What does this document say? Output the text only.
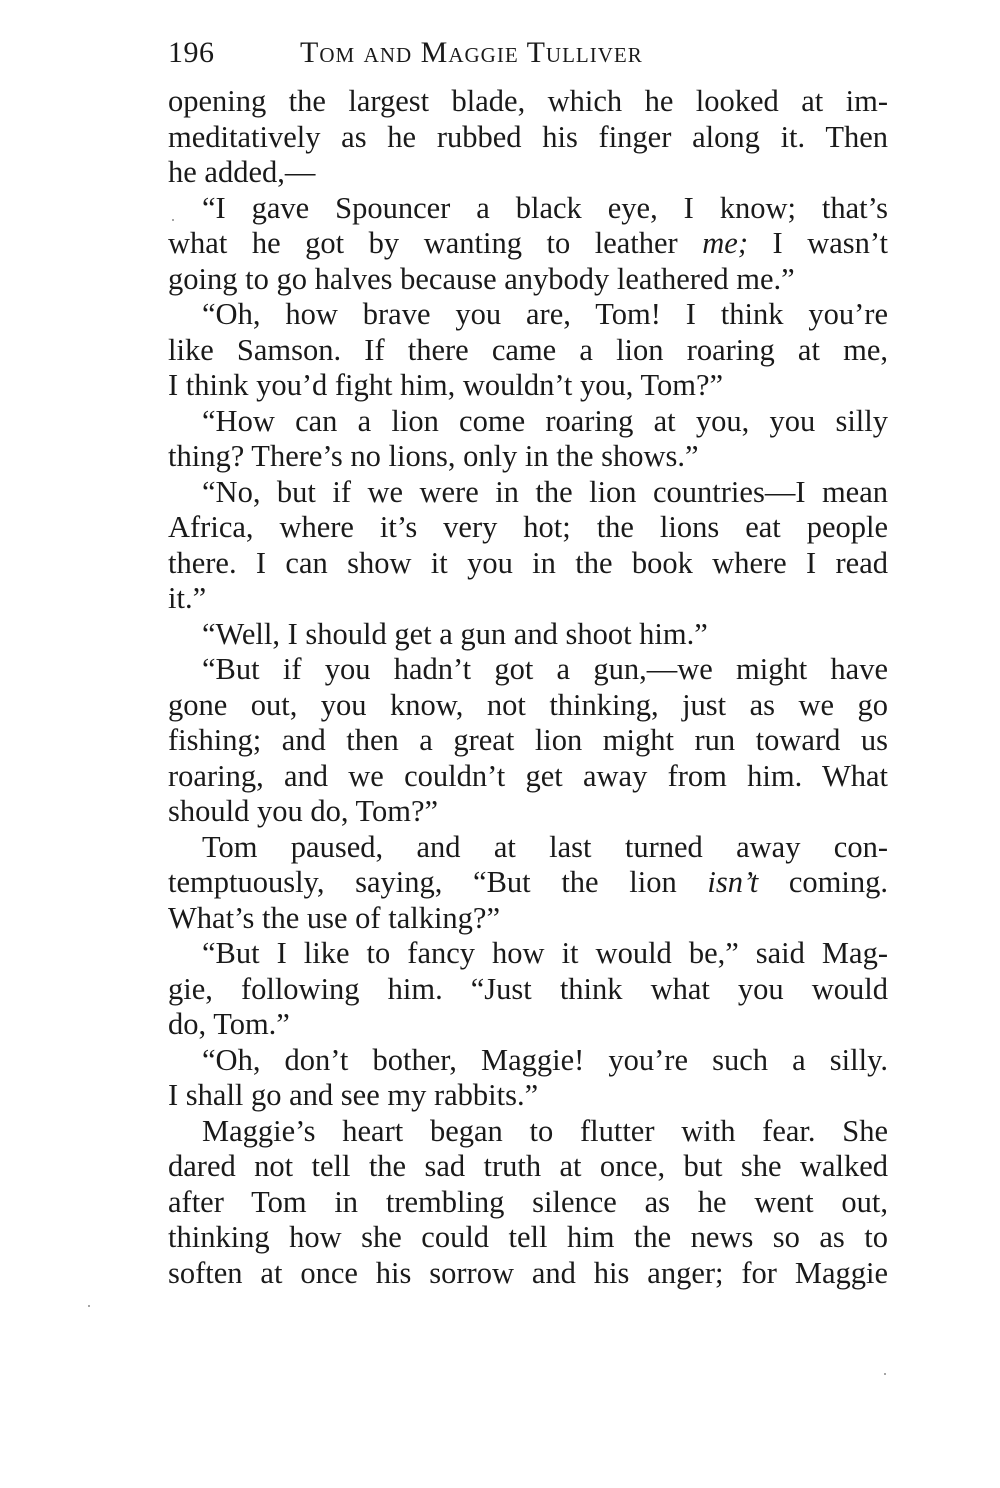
196	Tom and Maggie Tulliver
opening the largest blade, which he looked at im-
meditatively as he rubbed his finger along it. Then
he added,—
“I gave Spouncer a black eye, I know; that’s
what he got by wanting to leather me; I wasn’t
going to go halves because anybody leathered me.”
“Oh, how brave you are, Tom! I think you’re
like Samson. If there came a lion roaring at me,
I think you’d fight him, wouldn’t you, Tom?”
“How can a lion come roaring at you, you silly
thing? There’s no lions, only in the shows.”
“No, but if we were in the lion countries—I mean
Africa, where it’s very hot; the lions eat people
there. I can show it you in the book where I read
it.”
“Well, I should get a gun and shoot him.”
“But if you hadn’t got a gun,—we might have
gone out, you know, not thinking, just as we go
fishing; and then a great lion might run toward us
roaring, and we couldn’t get away from him. What
should you do, Tom?”
Tom paused, and at last turned away con-
temptuously, saying, “But the lion isn’t coming.
What’s the use of talking?”
“But I like to fancy how it would be,” said Mag-
gie, following him. “Just think what you would
do, Tom.”
“Oh, don’t bother, Maggie! you’re such a silly.
I shall go and see my rabbits.”
Maggie’s heart began to flutter with fear. She
dared not tell the sad truth at once, but she walked
after Tom in trembling silence as he went out,
thinking how she could tell him the news so as to
soften at once his sorrow and his anger; for Maggie
